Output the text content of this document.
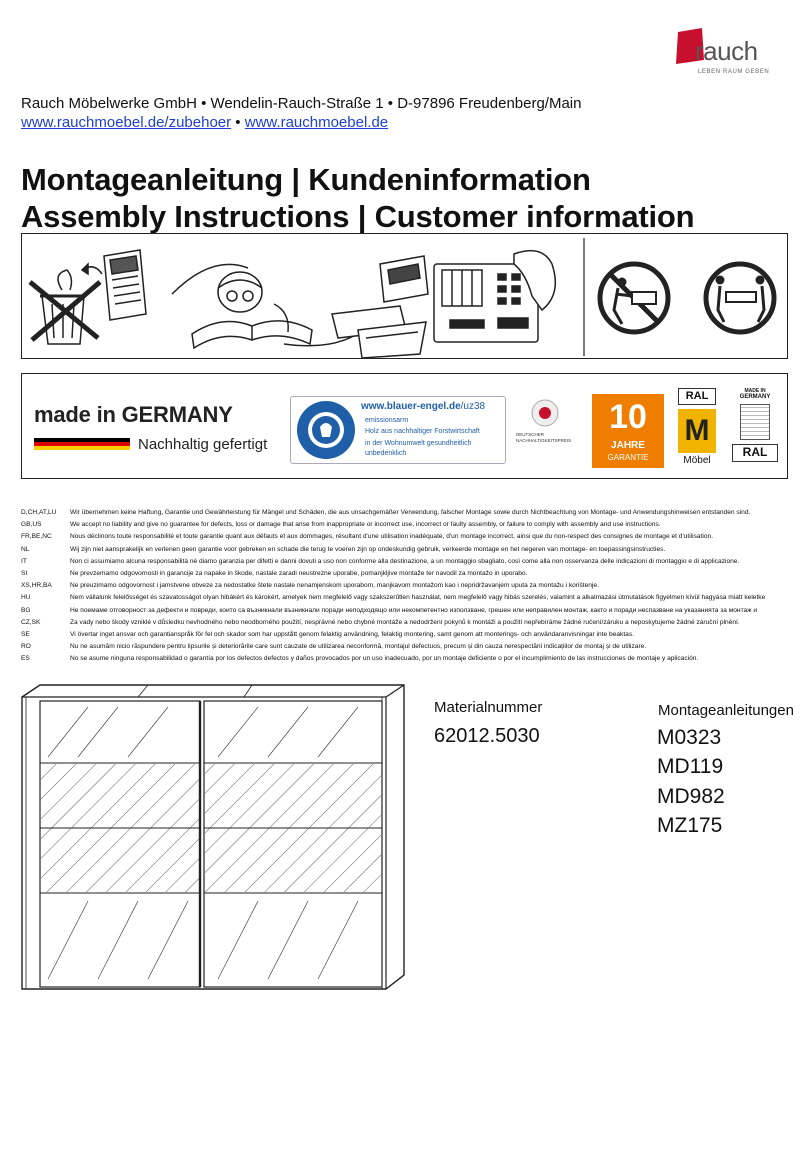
rauch
LEBEN RAUM GEBEN
Rauch Möbelwerke GmbH • Wendelin-Rauch-Straße 1 • D-97896 Freudenberg/Main
www.rauchmoebel.de/zubehoer • www.rauchmoebel.de
Montageanleitung | Kundeninformation
Assembly Instructions | Customer information
made in GERMANY
Nachhaltig gefertigt
www.blauer-engel.de/uz38
emissionsarm
Holz aus nachhaltiger Forstwirtschaft
in der Wohnumwelt gesundheitlich unbedenklich
DEUTSCHER
NACHHALTIGKEITSPREIS
10
JAHRE
GARANTIE
RAL
M
Möbel
MADE IN
GERMANY
RAL
D,CH,AT,LU	Wir übernehmen keine Haftung, Garantie und Gewährleistung für Mängel und Schäden, die aus unsachgemäßer Verwendung, falscher Montage sowie durch Nichtbeachtung von Montage- und Anwendungshinweisen entstanden sind.
GB,US	We accept no liability and give no guarantee for defects, loss or damage that arise from inappropriate or incorrect use, incorrect or faulty assembly, or failure to comply with assembly and use instructions.
FR,BE,NC	Nous déclinons toute responsabilité et toute garantie quant aux défauts et aux dommages, résultant d'une utilisation inadéquate, d'un montage incorrect, ainsi que du non-respect des consignes de montage et d'utilisation.
NL	Wij zijn niet aansprakelijk en verlenen geen garantie voor gebreken en schade die terug te voeren zijn op ondeskundig gebruik, verkeerde montage en het negeren van montage- en toepassingsinstructies.
IT	Non ci assumiamo alcuna responsabilità né diamo garanzia per difetti e danni dovuti a uso non conforme alla destinazione, a un montaggio sbagliato, così come alla non osservanza delle indicazioni di montaggio e di applicazione.
SI	Ne prevzemamo odgovornosti in garancije za napake in škode, nastale zaradi neustrezne uporabe, pomanjkljive montaže ter navodil za montažo in uporabo.
XS,HR,BA	Ne preuzimamo odgovornost i jamstvene obveze za nedostatke štete nastale nenamjenskom uporabom, manjkavom montažom kao i nepridržavanjem uputa za montažu i korištenje.
HU	Nem vállalunk felelősséget és szavatosságot olyan hibákért és károkért, amelyek nem megfelelő vagy szakszerűtlen használat, nem megfelelő vagy hibás szerelés, valamint a alkalmazási útmutatások figyelmen kívül hagyása miatt keletke
BG	Не поемаме отговорност за дефекти и повреди, които са възникнали възникнали поради неподходящо или некомпетентно използване, грешен или неправилен монтаж, както и поради неспазване на указанията за монтаж и
CZ,SK	Za vady nebo škody vzniklé v důsledku nevhodného nebo neodborného použití, nesprávné nebo chybné montáže a nedodržení pokynů k montáži a použití nepřebíráme žádné ručení/záruku a neposkytujeme žádné záruční plnění.
SE	Vi övertar inget ansvar och garantianspråk för fel och skador som har uppstått genom felaktig användning, felaktig montering, samt genom att monterings- och användaranvisningar inte beaktas.
RO	Nu ne asumăm niciо răspundere pentru lipsurile și deteriorările care sunt cauzate de utilizarea neconformă, montajul defectuos, precum și din cauza nerespectării indicațiilor de montaj și de utilizare.
ES	No se asume ninguna responsabilidad o garantía por los defectos defectos y daños provocados por un uso inadecuado, por un montaje deficiente o por el incumplimiento de las instrucciones de montaje y aplicación.
Materialnummer
62012.5030
Montageanleitungen
M0323
MD119
MD982
MZ175
